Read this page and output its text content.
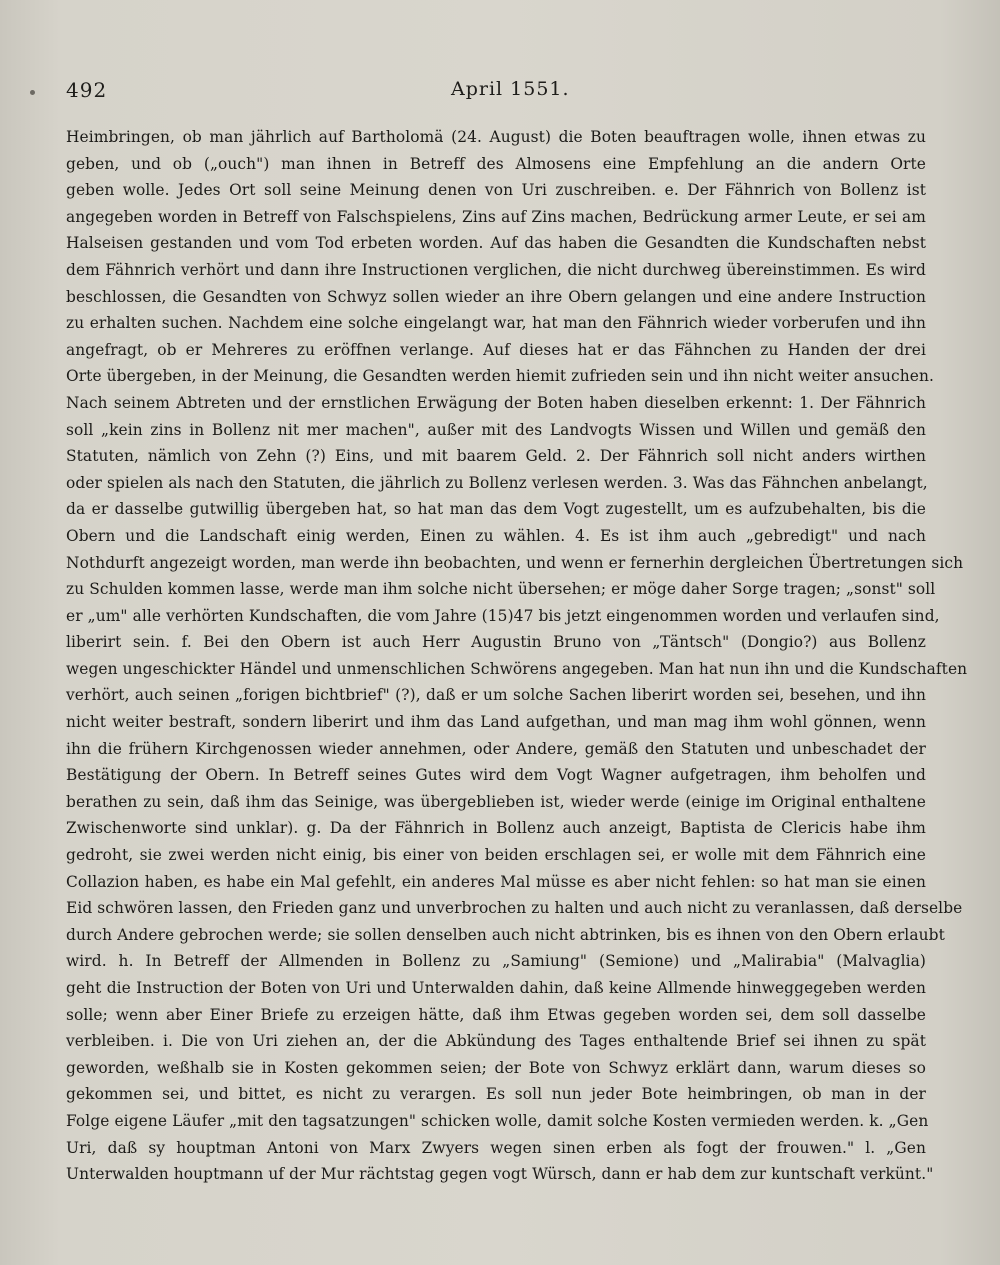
492	April 1551.
Heimbringen, ob man jährlich auf Bartholomä (24. August) die Boten beauftragen wolle, ihnen etwas zu
geben, und ob („ouch") man ihnen in Betreff des Almosens eine Empfehlung an die andern Orte
geben wolle. Jedes Ort soll seine Meinung denen von Uri zuschreiben. e. Der Fähnrich von Bollenz ist
angegeben worden in Betreff von Falschspielens, Zins auf Zins machen, Bedrückung armer Leute, er sei am
Halseisen gestanden und vom Tod erbeten worden. Auf das haben die Gesandten die Kundschaften nebst
dem Fähnrich verhört und dann ihre Instructionen verglichen, die nicht durchweg übereinstimmen. Es wird
beschlossen, die Gesandten von Schwyz sollen wieder an ihre Obern gelangen und eine andere Instruction
zu erhalten suchen. Nachdem eine solche eingelangt war, hat man den Fähnrich wieder vorberufen und ihn
angefragt, ob er Mehreres zu eröffnen verlange. Auf dieses hat er das Fähnchen zu Handen der drei
Orte übergeben, in der Meinung, die Gesandten werden hiemit zufrieden sein und ihn nicht weiter ansuchen.
Nach seinem Abtreten und der ernstlichen Erwägung der Boten haben dieselben erkennt: 1. Der Fähnrich
soll „kein zins in Bollenz nit mer machen", außer mit des Landvogts Wissen und Willen und gemäß den
Statuten, nämlich von Zehn (?) Eins, und mit baarem Geld. 2. Der Fähnrich soll nicht anders wirthen
oder spielen als nach den Statuten, die jährlich zu Bollenz verlesen werden. 3. Was das Fähnchen anbelangt,
da er dasselbe gutwillig übergeben hat, so hat man das dem Vogt zugestellt, um es aufzubehalten, bis die
Obern und die Landschaft einig werden, Einen zu wählen. 4. Es ist ihm auch „gebredigt" und nach
Nothdurft angezeigt worden, man werde ihn beobachten, und wenn er fernerhin dergleichen Übertretungen sich
zu Schulden kommen lasse, werde man ihm solche nicht übersehen; er möge daher Sorge tragen; „sonst" soll
er „um" alle verhörten Kundschaften, die vom Jahre (15)47 bis jetzt eingenommen worden und verlaufen sind,
liberirt sein. f. Bei den Obern ist auch Herr Augustin Bruno von „Täntsch" (Dongio?) aus Bollenz
wegen ungeschickter Händel und unmenschlichen Schwörens angegeben. Man hat nun ihn und die Kundschaften
verhört, auch seinen „forigen bichtbrief" (?), daß er um solche Sachen liberirt worden sei, besehen, und ihn
nicht weiter bestraft, sondern liberirt und ihm das Land aufgethan, und man mag ihm wohl gönnen, wenn
ihn die frühern Kirchgenossen wieder annehmen, oder Andere, gemäß den Statuten und unbeschadet der
Bestätigung der Obern. In Betreff seines Gutes wird dem Vogt Wagner aufgetragen, ihm beholfen und
berathen zu sein, daß ihm das Seinige, was übergeblieben ist, wieder werde (einige im Original enthaltene
Zwischenworte sind unklar). g. Da der Fähnrich in Bollenz auch anzeigt, Baptista de Clericis habe ihm
gedroht, sie zwei werden nicht einig, bis einer von beiden erschlagen sei, er wolle mit dem Fähnrich eine
Collazion haben, es habe ein Mal gefehlt, ein anderes Mal müsse es aber nicht fehlen: so hat man sie einen
Eid schwören lassen, den Frieden ganz und unverbrochen zu halten und auch nicht zu veranlassen, daß derselbe
durch Andere gebrochen werde; sie sollen denselben auch nicht abtrinken, bis es ihnen von den Obern erlaubt
wird. h. In Betreff der Allmenden in Bollenz zu „Samiung" (Semione) und „Malirabia" (Malvaglia)
geht die Instruction der Boten von Uri und Unterwalden dahin, daß keine Allmende hinweggegeben werden
solle; wenn aber Einer Briefe zu erzeigen hätte, daß ihm Etwas gegeben worden sei, dem soll dasselbe
verbleiben. i. Die von Uri ziehen an, der die Abkündung des Tages enthaltende Brief sei ihnen zu spät
geworden, weßhalb sie in Kosten gekommen seien; der Bote von Schwyz erklärt dann, warum dieses so
gekommen sei, und bittet, es nicht zu verargen. Es soll nun jeder Bote heimbringen, ob man in der
Folge eigene Läufer „mit den tagsatzungen" schicken wolle, damit solche Kosten vermieden werden. k. „Gen
Uri, daß sy houptman Antoni von Marx Zwyers wegen sinen erben als fogt der frouwen." l. „Gen
Unterwalden houptmann uf der Mur rächtstag gegen vogt Würsch, dann er hab dem zur kuntschaft verkünt."
